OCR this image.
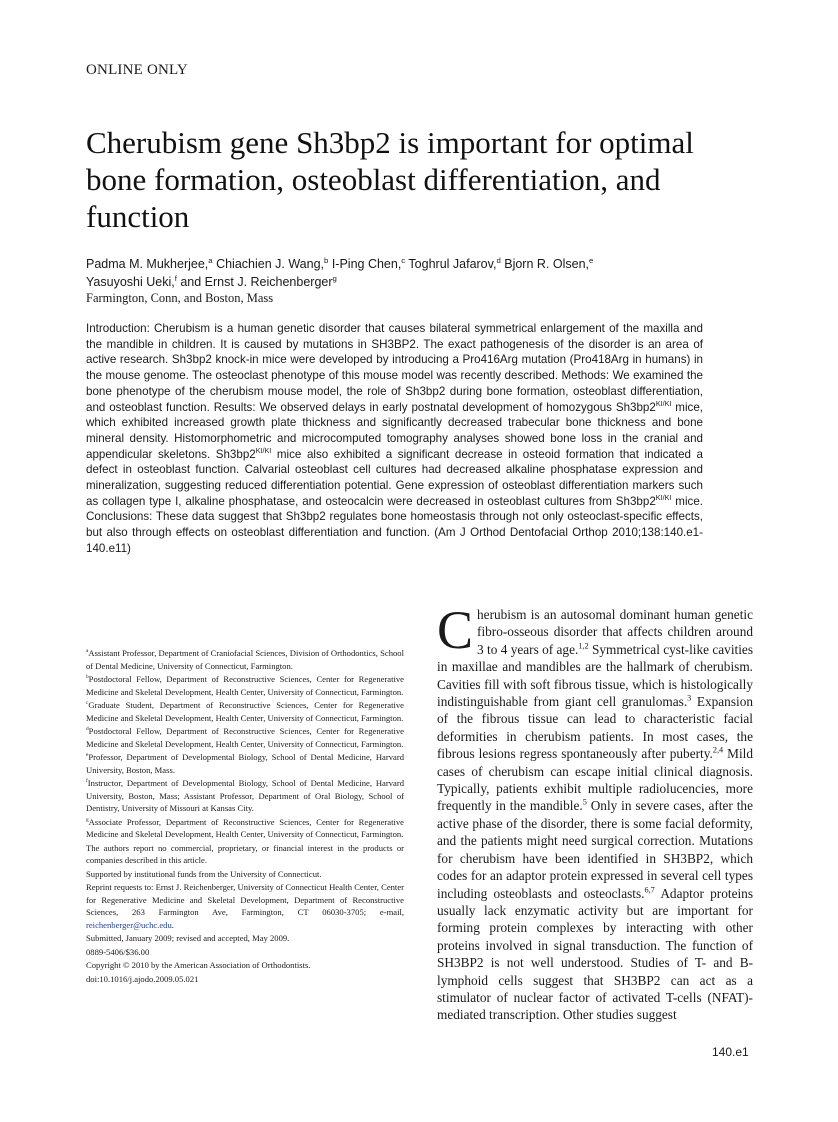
ONLINE ONLY
Cherubism gene Sh3bp2 is important for optimal bone formation, osteoblast differentiation, and function
Padma M. Mukherjee,$^a$ Chiachien J. Wang,$^b$ I-Ping Chen,$^c$ Toghrul Jafarov,$^d$ Bjorn R. Olsen,$^e$
Yasuyoshi Ueki,$^f$ and Ernst J. Reichenberger$^g$
Farmington, Conn, and Boston, Mass
Introduction: Cherubism is a human genetic disorder that causes bilateral symmetrical enlargement of the maxilla and the mandible in children. It is caused by mutations in SH3BP2. The exact pathogenesis of the disorder is an area of active research. Sh3bp2 knock-in mice were developed by introducing a Pro416Arg mutation (Pro418Arg in humans) in the mouse genome. The osteoclast phenotype of this mouse model was recently described. Methods: We examined the bone phenotype of the cherubism mouse model, the role of Sh3bp2 during bone formation, osteoblast differentiation, and osteoblast function. Results: We observed delays in early postnatal development of homozygous $Sh3bp2^{KI/KI}$ mice, which exhibited increased growth plate thickness and significantly decreased trabecular bone thickness and bone mineral density. Histomorphometric and microcomputed tomography analyses showed bone loss in the cranial and appendicular skeletons. $Sh3bp2^{KI/KI}$ mice also exhibited a significant decrease in osteoid formation that indicated a defect in osteoblast function. Calvarial osteoblast cell cultures had decreased alkaline phosphatase expression and mineralization, suggesting reduced differentiation potential. Gene expression of osteoblast differentiation markers such as collagen type I, alkaline phosphatase, and osteocalcin were decreased in osteoblast cultures from $Sh3bp2^{KI/KI}$ mice. Conclusions: These data suggest that Sh3bp2 regulates bone homeostasis through not only osteoclast-specific effects, but also through effects on osteoblast differentiation and function. (Am J Orthod Dentofacial Orthop 2010;138:140.e1-140.e11)

$^a$Assistant Professor, Department of Craniofacial Sciences, Division of Orthodontics, School of Dental Medicine, University of Connecticut, Farmington.

$^b$Postdoctoral Fellow, Department of Reconstructive Sciences, Center for Regenerative Medicine and Skeletal Development, Health Center, University of Connecticut, Farmington.

$^c$Graduate Student, Department of Reconstructive Sciences, Center for Regenerative Medicine and Skeletal Development, Health Center, University of Connecticut, Farmington.

$^d$Postdoctoral Fellow, Department of Reconstructive Sciences, Center for Regenerative Medicine and Skeletal Development, Health Center, University of Connecticut, Farmington.

$^e$Professor, Department of Developmental Biology, School of Dental Medicine, Harvard University, Boston, Mass.

$^f$Instructor, Department of Developmental Biology, School of Dental Medicine, Harvard University, Boston, Mass; Assistant Professor, Department of Oral Biology, School of Dentistry, University of Missouri at Kansas City.

$^g$Associate Professor, Department of Reconstructive Sciences, Center for Regenerative Medicine and Skeletal Development, Health Center, University of Connecticut, Farmington.

The authors report no commercial, proprietary, or financial interest in the products or companies described in this article.

Supported by institutional funds from the University of Connecticut.

Reprint requests to: Ernst J. Reichenberger, University of Connecticut Health Center, Center for Regenerative Medicine and Skeletal Development, Department of Reconstructive Sciences, 263 Farmington Ave, Farmington, CT 06030-3705; e-mail, reichenberger@uchc.edu.

Submitted, January 2009; revised and accepted, May 2009.

0889-5406/$36.00

Copyright © 2010 by the American Association of Orthodontists.

doi:10.1016/j.ajodo.2009.05.021

Cherubism is an autosomal dominant human genetic fibro-osseous disorder that affects children around 3 to 4 years of age.$^{1,2}$ Symmetrical cyst-like cavities in maxillae and mandibles are the hallmark of cherubism. Cavities fill with soft fibrous tissue, which is histologically indistinguishable from giant cell granulomas.$^3$ Expansion of the fibrous tissue can lead to characteristic facial deformities in cherubism patients. In most cases, the fibrous lesions regress spontaneously after puberty.$^{2,4}$ Mild cases of cherubism can escape initial clinical diagnosis. Typically, patients exhibit multiple radiolucencies, more frequently in the mandible.$^5$ Only in severe cases, after the active phase of the disorder, there is some facial deformity, and the patients might need surgical correction. Mutations for cherubism have been identified in SH3BP2, which codes for an adaptor protein expressed in several cell types including osteoblasts and osteoclasts.$^{6,7}$ Adaptor proteins usually lack enzymatic activity but are important for forming protein complexes by interacting with other proteins involved in signal transduction. The function of SH3BP2 is not well understood. Studies of T- and B-lymphoid cells suggest that SH3BP2 can act as a stimulator of nuclear factor of activated T-cells (NFAT)-mediated transcription. Other studies suggest
140.e1
